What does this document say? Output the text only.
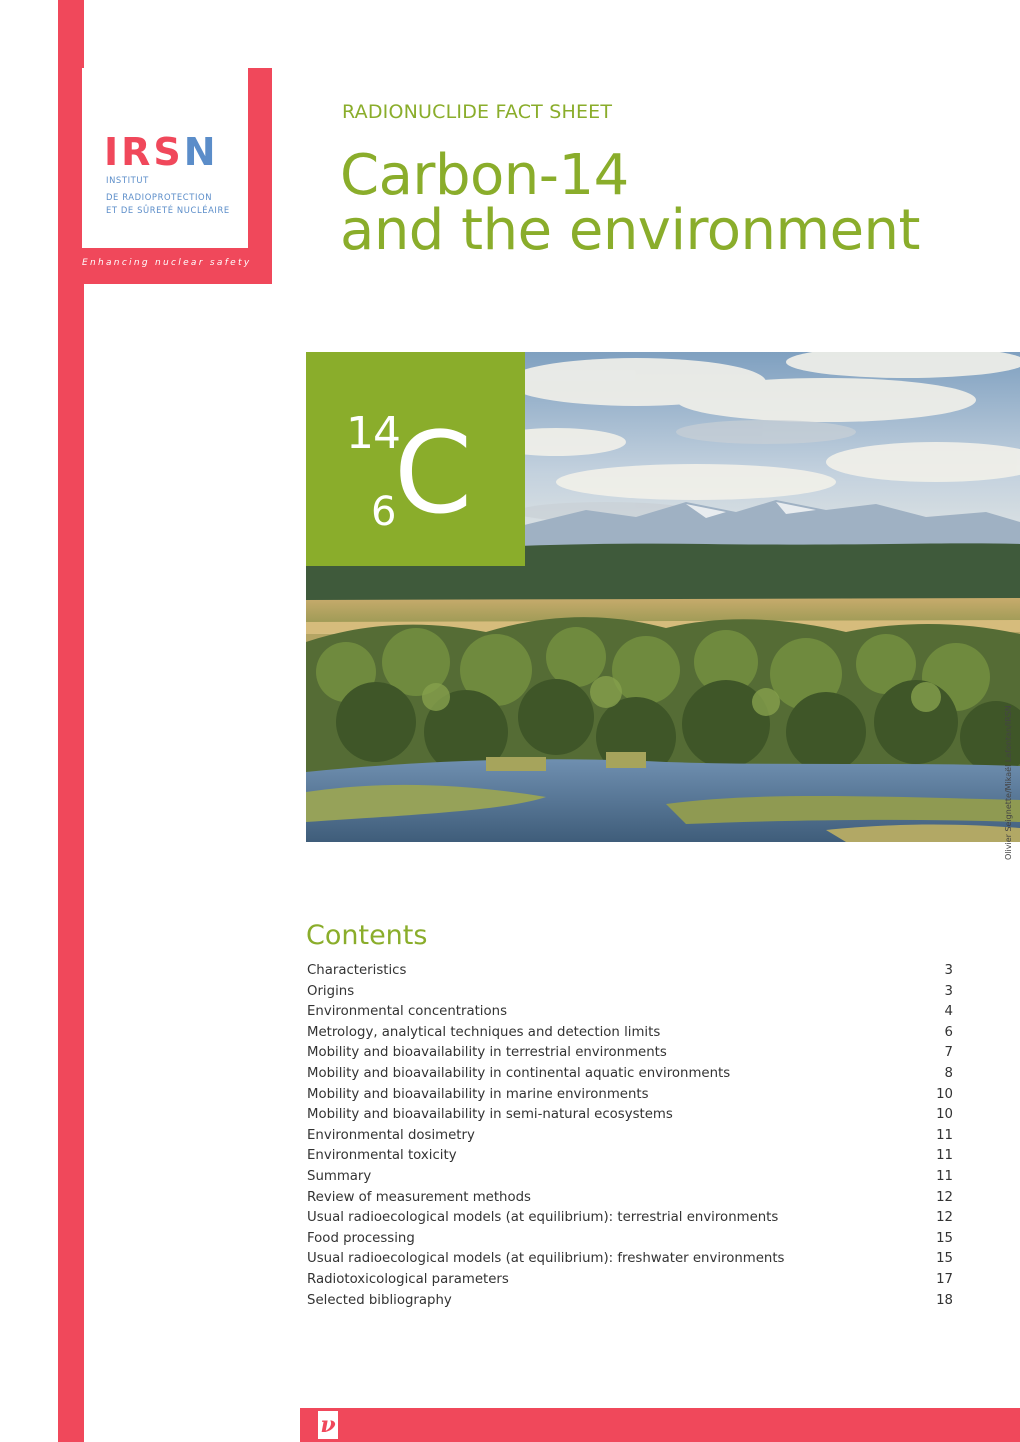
IRSN
INSTITUT
DE RADIOPROTECTION
ET DE SÛRETÉ NUCLÉAIRE
Enhancing nuclear safety
RADIONUCLIDE FACT SHEET
Carbon-14
and the environment
Olivier Seignette/Mikaël Lafontan/IRSN
14
6
C
Contents
Characteristics	3
Origins	3
Environmental concentrations	4
Metrology, analytical techniques and detection limits	6
Mobility and bioavailability in terrestrial environments	7
Mobility and bioavailability in continental aquatic environments	8
Mobility and bioavailability in marine environments	10
Mobility and bioavailability in semi-natural ecosystems	10
Environmental dosimetry	11
Environmental toxicity	11
Summary	11
Review of measurement methods	12
Usual radioecological models (at equilibrium): terrestrial environments	12
Food processing	15
Usual radioecological models (at equilibrium): freshwater environments	15
Radiotoxicological parameters	17
Selected bibliography	18
ν
